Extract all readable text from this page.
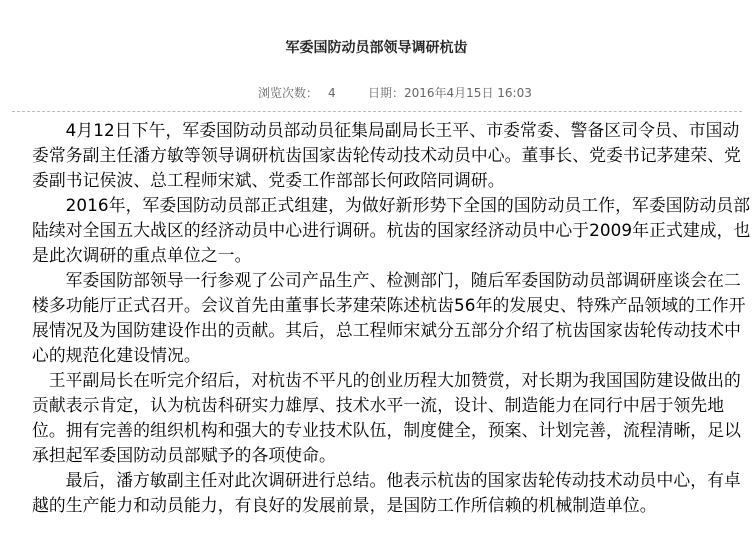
军委国防动员部领导调研杭齿
浏览次数： 4	日期： 2016年4月15日 16:03

4月12日下午，军委国防动员部动员征集局副局长王平、市委常委、警备区司令员、市国动委常务副主任潘方敏等领导调研杭齿国家齿轮传动技术动员中心。董事长、党委书记茅建荣、党委副书记侯波、总工程师宋斌、党委工作部部长何政陪同调研。

2016年，军委国防动员部正式组建，为做好新形势下全国的国防动员工作，军委国防动员部陆续对全国五大战区的经济动员中心进行调研。杭齿的国家经济动员中心于2009年正式建成，也是此次调研的重点单位之一。

军委国防部领导一行参观了公司产品生产、检测部门，随后军委国防动员部调研座谈会在二楼多功能厅正式召开。会议首先由董事长茅建荣陈述杭齿56年的发展史、特殊产品领域的工作开展情况及为国防建设作出的贡献。其后，总工程师宋斌分五部分介绍了杭齿国家齿轮传动技术中心的规范化建设情况。

王平副局长在听完介绍后，对杭齿不平凡的创业历程大加赞赏，对长期为我国国防建设做出的贡献表示肯定，认为杭齿科研实力雄厚、技术水平一流，设计、制造能力在同行中居于领先地位。拥有完善的组织机构和强大的专业技术队伍，制度健全，预案、计划完善，流程清晰，足以承担起军委国防动员部赋予的各项使命。

最后，潘方敏副主任对此次调研进行总结。他表示杭齿的国家齿轮传动技术动员中心，有卓越的生产能力和动员能力，有良好的发展前景，是国防工作所信赖的机械制造单位。
